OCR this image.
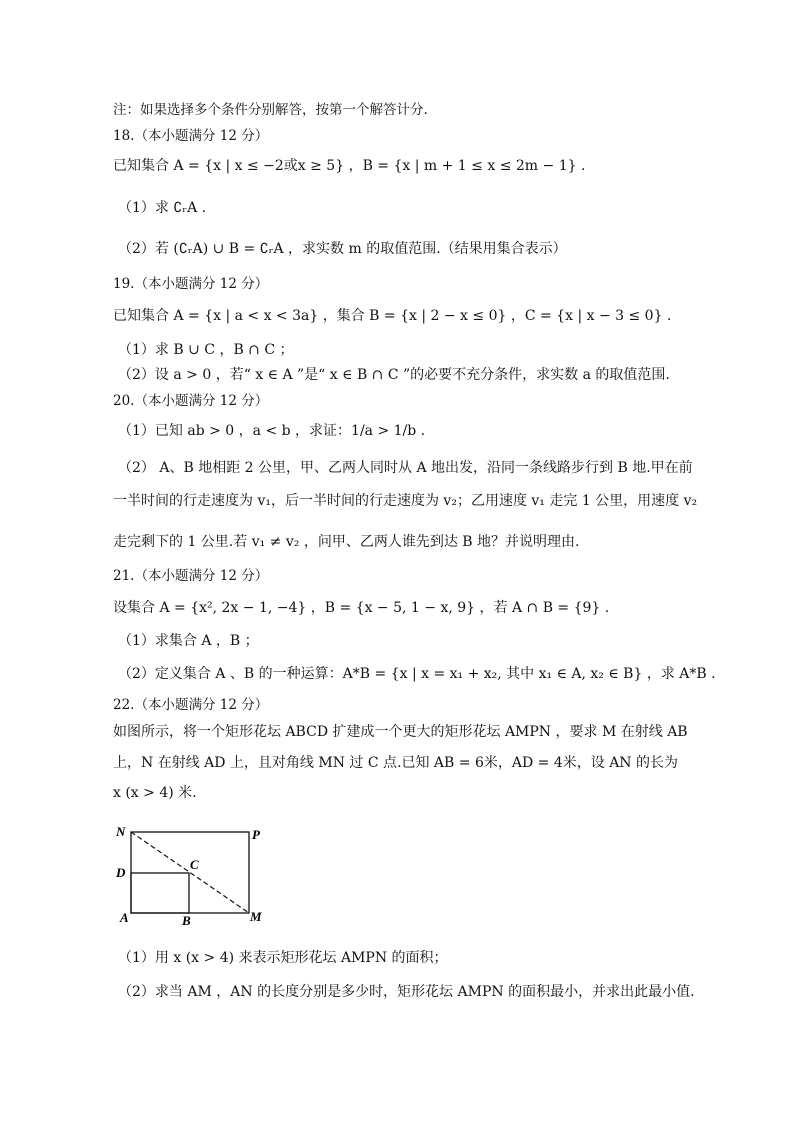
注：如果选择多个条件分别解答，按第一个解答计分.
18.（本小题满分 12 分）
已知集合 A = {x | x ≤ −2或x ≥ 5} ，B = {x | m + 1 ≤ x ≤ 2m − 1} .
（1）求 ∁ᵣA .
（2）若 (∁ᵣA) ∪ B = ∁ᵣA ，求实数 m 的取值范围.（结果用集合表示）
19.（本小题满分 12 分）
已知集合 A = {x | a < x < 3a} ，集合 B = {x | 2 − x ≤ 0} ，C = {x | x − 3 ≤ 0} .
（1）求 B ∪ C ，B ∩ C ；
（2）设 a > 0 ，若“ x ∈ A ”是“ x ∈ B ∩ C ”的必要不充分条件，求实数 a 的取值范围.
20.（本小题满分 12 分）
（1）已知 ab > 0 ，a < b ，求证：1/a > 1/b .
（2） A、B 地相距 2 公里，甲、乙两人同时从 A 地出发，沿同一条线路步行到 B 地.甲在前
一半时间的行走速度为 v₁，后一半时间的行走速度为 v₂；乙用速度 v₁ 走完 1 公里，用速度 v₂
走完剩下的 1 公里.若 v₁ ≠ v₂ ，问甲、乙两人谁先到达 B 地？并说明理由.
21.（本小题满分 12 分）
设集合 A = {x², 2x − 1, −4} ，B = {x − 5, 1 − x, 9} ，若 A ∩ B = {9} .
（1）求集合 A ，B ；
（2）定义集合 A 、B 的一种运算：A*B = {x | x = x₁ + x₂, 其中 x₁ ∈ A, x₂ ∈ B} ，求 A*B .
22.（本小题满分 12 分）
如图所示，将一个矩形花坛 ABCD 扩建成一个更大的矩形花坛 AMPN ，要求 M 在射线 AB
上，N 在射线 AD 上，且对角线 MN 过 C 点.已知 AB = 6米，AD = 4米，设 AN 的长为
x (x > 4) 米.
N	P
D
C
A	B	M
（1）用 x (x > 4) 来表示矩形花坛 AMPN 的面积；
（2）求当 AM ，AN 的长度分别是多少时，矩形花坛 AMPN 的面积最小，并求出此最小值.
